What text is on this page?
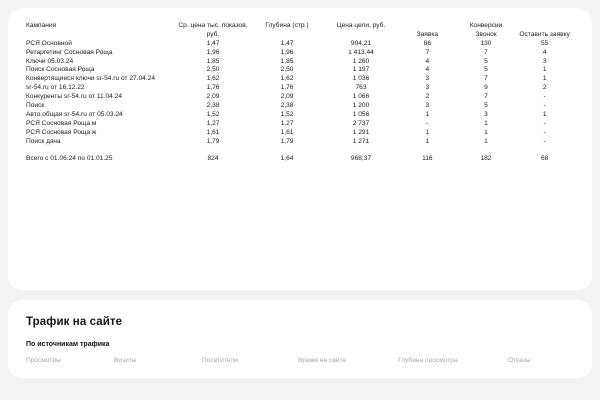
Кампания	Ср. цена тыс. показов, руб.	Глубина (стр.)	Цена цели, руб.	Конверсии		
				Заявка	Звонок	Оставить заявку
РСЯ Основной	1,47	1,47	904,21	86	130	55
Ретаргетинг Сосновая Роща	1,96	1,96	1 413,44	7	7	4
Ключи 05.03.24	1,85	1,85	1 260	4	5	3
Поиск Сосновая Роща	2,50	2,50	1 197	4	5	1
Конвертящиеся ключи sr-54.ru от 27.04.24	1,62	1,62	1 036	3	7	1
sr-54.ru от 16.12.22	1,76	1,76	763	3	9	2
Конкуренты sr-54.ru от 11.04.24	2,09	2,09	1 066	2	7	-
Поиск	2,38	2,38	1 200	3	5	-
Авто общая sr-54.ru от 05.03.24	1,52	1,52	1 056	1	3	1
РСЯ Сосновая Роща м	1,27	1,27	2 737	-	1	-
РСЯ Сосновая Роща ж	1,61	1,61	1 291	1	1	-
Поиск дача	1,79	1,79	1 271	1	1	-
Всего с 01.06.24 по 01.01.25	824	1,64	968,37	116	182	68
Трафик на сайте
По источникам трафика
Просмотры	Визиты	Посетители	Время на сайте	Глубина просмотра	Отказы
